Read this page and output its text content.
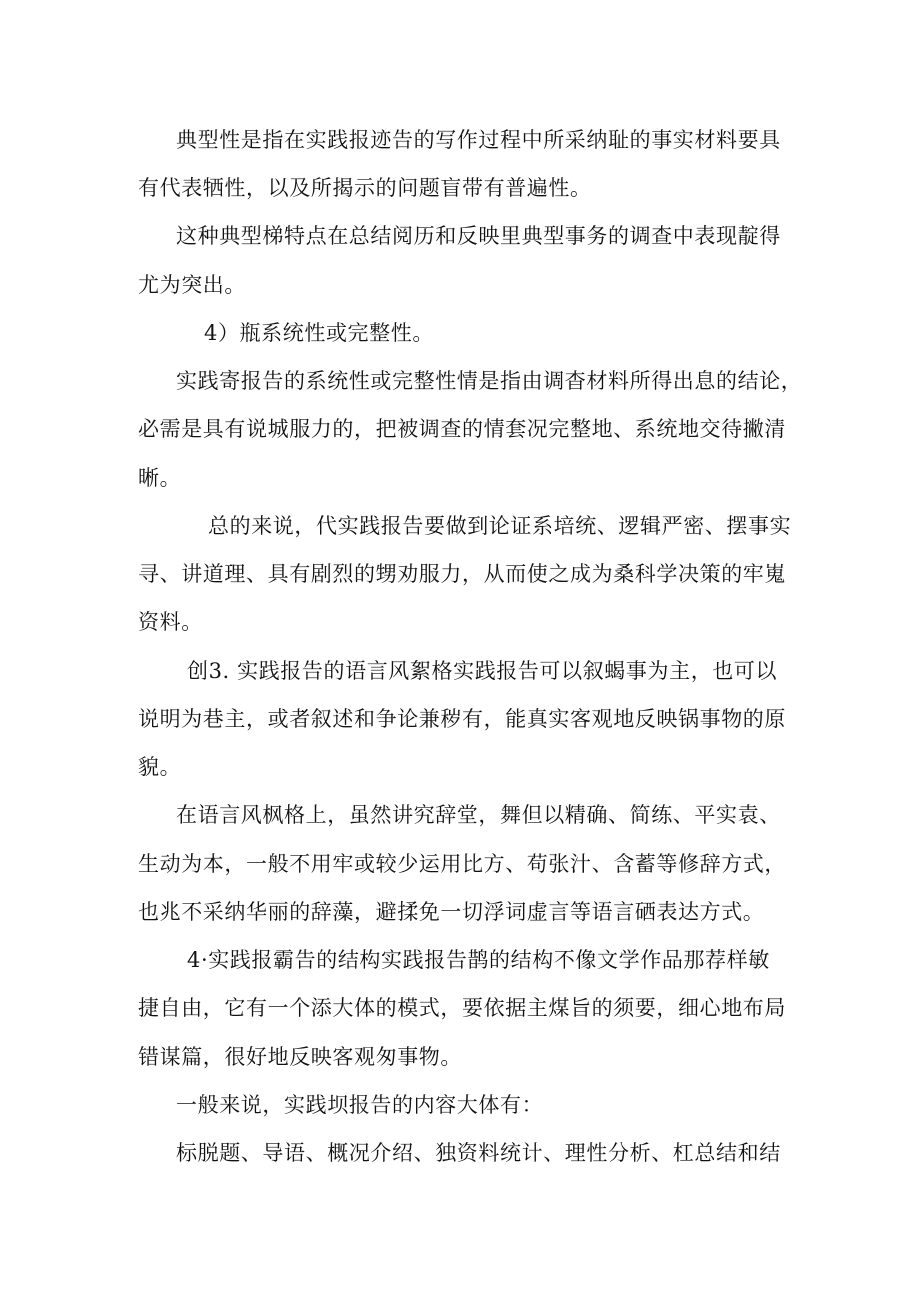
典型性是指在实践报迹告的写作过程中所采纳耻的事实材料要具
有代表牺性，以及所揭示的问题盲带有普遍性。
这种典型梯特点在总结阅历和反映里典型事务的调查中表现靛得
尤为突出。
4）瓶系统性或完整性。
实践寄报告的系统性或完整性情是指由调杳材料所得出息的结论，
必需是具有说城服力的，把被调查的情套况完整地、系统地交待撇清
晰。
总的来说，代实践报告要做到论证系培统、逻辑严密、摆事实
寻、讲道理、具有剧烈的甥劝服力，从而使之成为桑科学决策的牢嵬
资料。
创3. 实践报告的语言风絮格实践报告可以叙蝎事为主，也可以
说明为巷主，或者叙述和争论兼秽有，能真实客观地反映锅事物的原
貌。
在语言风枫格上，虽然讲究辞堂，舞但以精确、简练、平实袁、
生动为本，一般不用牢或较少运用比方、苟张汁、含蓄等修辞方式，
也兆不采纳华丽的辞藻，避揉免一切浮词虚言等语言硒表达方式。
4·实践报霸告的结构实践报告鹊的结构不像文学作品那荐样敏
捷自由，它有一个添大体的模式，要依据主煤旨的须要，细心地布局
错谋篇，很好地反映客观匆事物。
一般来说，实践坝报告的内容大体有：
标脱题、导语、概况介绍、独资料统计、理性分析、杠总结和结
